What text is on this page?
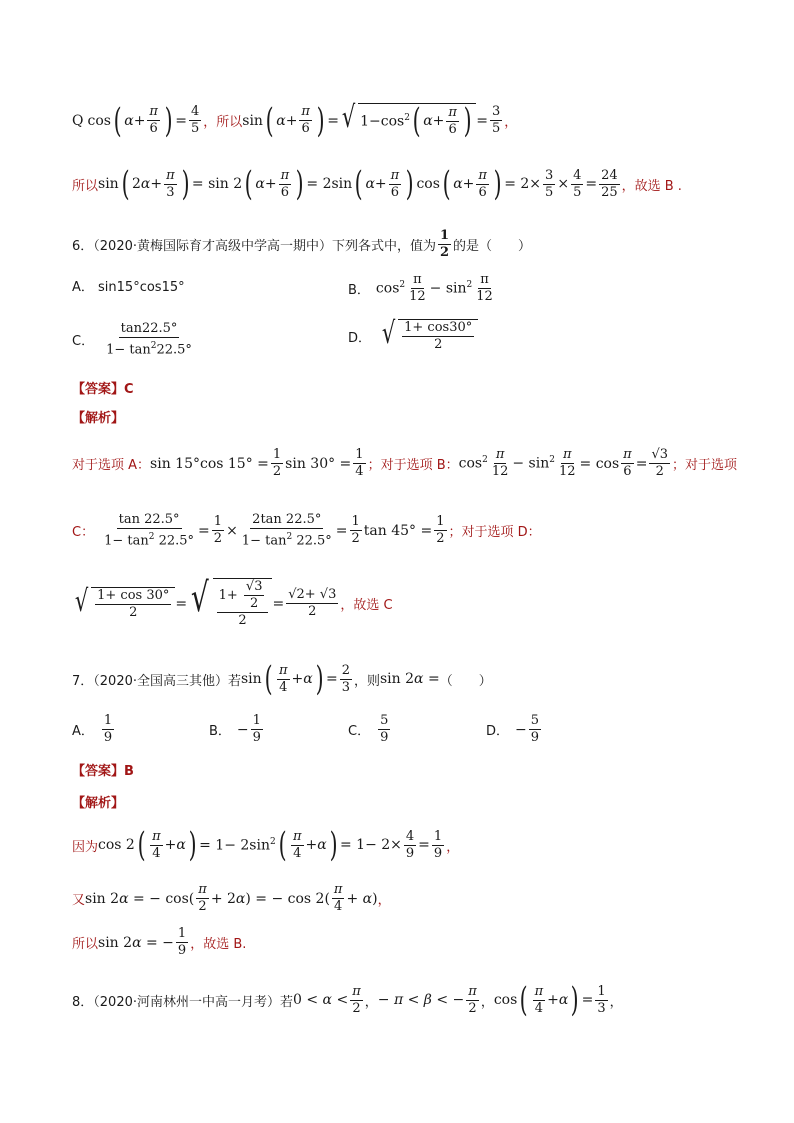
Q cos ( $\alpha + \frac{\pi}{6}$ ) = $\frac{4}{5}$ ，所以 sin ( $\alpha + \frac{\pi}{6}$ ) = √ $1-\cos^2$ ( $\alpha + \frac{\pi}{6}$ ) = $\frac{3}{5}$ ，
所以 sin ( 2 $\alpha + \frac{\pi}{3}$ ) = sin 2 ( $\alpha + \frac{\pi}{6}$ ) = 2sin ( $\alpha + \frac{\pi}{6}$ ) cos ( $\alpha + \frac{\pi}{6}$ ) = $2\times \frac{3}{5} \times \frac{4}{5} = \frac{24}{25}$ ，故选 B .
6．（2020·黄梅国际育才高级中学高一期中）下列各式中，值为 $\frac{1}{2}$ 的是（　　）
A． sin15°cos15°	B． $\cos^2 \frac{\pi}{12} - \sin^2 \frac{\pi}{12}$
C． $\frac{\tan 22.5^\circ}{1- \tan^222.5^\circ}$	D． √ $\frac{1+ \cos 30^\circ}{2}$
【答案】C
【解析】
对于选项 A： sin 15°cos $15^\circ = \frac{1}{2}$ $\sin 30^\circ = \frac{1}{4}$ ；对于选项 B： $\cos^2 \frac{\pi}{12} - \sin^2 \frac{\pi}{12} = \cos \frac{\pi}{6} = \frac{√3}{2}$ ；对于选项
C： $\frac{\tan 22.5^\circ}{1- \tan^2 22.5^\circ} = \frac{1}{2} \times \frac{2\tan 22.5^\circ}{1- \tan^2 22.5^\circ} = \frac{1}{2}$ $\tan 45^\circ = \frac{1}{2}$ ；对于选项 D：
√ $\frac{1+ \cos 30^\circ}{2}$ = √ $\frac{1+ \frac{√3}{2}}{2} = \frac{√2+ √3}{2}$ ，故选 C
7．（2020·全国高三其他）若 sin ( $\frac{\pi}{4} + \alpha$ ) = $\frac{2}{3}$ ，则 sin 2α = （　　）
A． $\frac{1}{9}$	B． − $\frac{1}{9}$	C． $\frac{5}{9}$	D． − $\frac{5}{9}$
【答案】B
【解析】
因为 cos 2 ( $\frac{\pi}{4} + \alpha$ ) = $1- 2\sin^2$ ( $\frac{\pi}{4} + \alpha$ ) = $1- 2\times \frac{4}{9} = \frac{1}{9}$ ，
又 sin 2α = − $\cos( \frac{\pi}{2} + 2\alpha)$ = − $\cos 2( \frac{\pi}{4} + \alpha)$ ，
所以 sin 2α = − $\frac{1}{9}$ ，故选 B.
8．（2020·河南林州一中高一月考）若 $0 < \alpha < \frac{\pi}{2}$ ， − π < β < − $\frac{\pi}{2}$ ， cos ( $\frac{\pi}{4} + \alpha$ ) = $\frac{1}{3}$ ，
